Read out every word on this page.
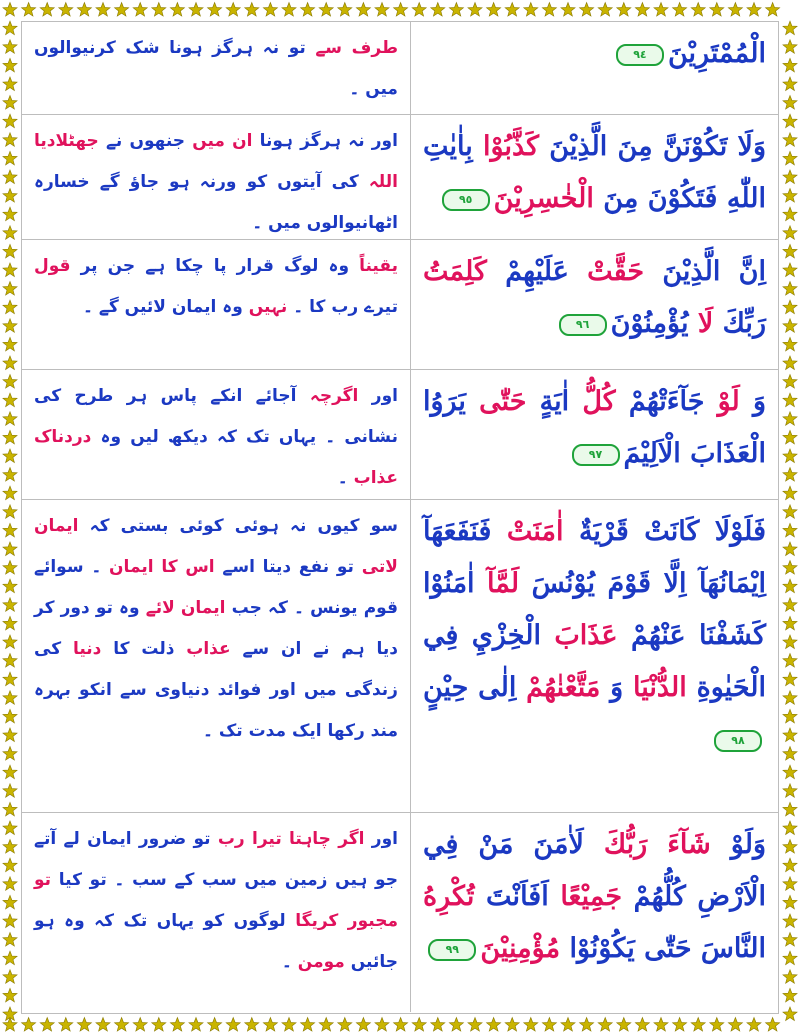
طرف سے تو نہ ہرگز ہونا شک کرنیوالوں میں ۔
الْمُمْتَرِيْنَ٩٤
اور نہ ہرگز ہونا ان میں جنھوں نے جھٹلادیا اللہ کی آیتوں کو ورنہ ہو جاؤ گے خسارہ اٹھانیوالوں میں ۔
وَلَا تَكُوْنَنَّ مِنَ الَّذِيْنَ كَذَّبُوْا بِاٰيٰتِ اللّٰهِ فَتَكُوْنَ مِنَ الْخٰسِرِيْنَ٩٥
یقیناً وہ لوگ قرار پا چکا ہے جن پر قول تیرے رب کا ۔ نہیں وہ ایمان لائیں گے ۔
اِنَّ الَّذِيْنَ حَقَّتْ عَلَيْهِمْ كَلِمَتُ رَبِّكَ لَا يُؤْمِنُوْنَ٩٦
اور اگرچہ آجائے انکے پاس ہر طرح کی نشانی ۔ یہاں تک کہ دیکھ لیں وہ دردناک عذاب ۔
وَ لَوْ جَآءَتْهُمْ كُلُّ اٰيَةٍ حَتّٰى يَرَوُا الْعَذَابَ الْاَلِيْمَ٩٧
سو کیوں نہ ہوئی کوئی بستی کہ ایمان لاتی تو نفع دیتا اسے اس کا ایمان ۔ سوائے قوم یونس ۔ کہ جب ایمان لائے وہ تو دور کر دیا ہم نے ان سے عذاب ذلت کا دنیا کی زندگی میں اور فوائد دنیاوی سے انکو بہرہ مند رکھا ایک مدت تک ۔
فَلَوْلَا كَانَتْ قَرْيَةٌ اٰمَنَتْ فَنَفَعَهَآ اِيْمَانُهَآ اِلَّا قَوْمَ يُوْنُسَ لَمَّآ اٰمَنُوْا كَشَفْنَا عَنْهُمْ عَذَابَ الْخِزْيِ فِي الْحَيٰوةِ الدُّنْيَا وَ مَتَّعْنٰهُمْ اِلٰى حِيْنٍ٩٨
اور اگر چاہتا تیرا رب تو ضرور ایمان لے آتے جو ہیں زمین میں سب کے سب ۔ تو کیا تو مجبور کریگا لوگوں کو یہاں تک کہ وہ ہو جائیں مومن ۔
وَلَوْ شَآءَ رَبُّكَ لَاٰمَنَ مَنْ فِي الْاَرْضِ كُلُّهُمْ جَمِيْعًا اَفَاَنْتَ تُكْرِهُ النَّاسَ حَتّٰى يَكُوْنُوْا مُؤْمِنِيْنَ٩٩
